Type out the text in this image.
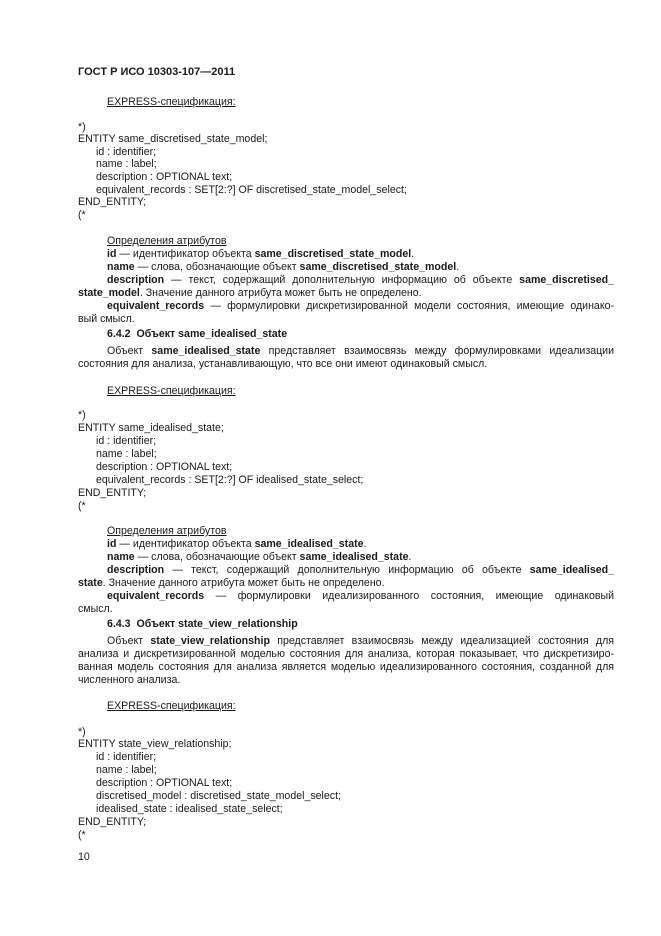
ГОСТ Р ИСО 10303-107—2011
EXPRESS-спецификация:
*)
ENTITY same_discretised_state_model;
id : identifier;
name : label;
description : OPTIONAL text;
equivalent_records : SET[2:?] OF discretised_state_model_select;
END_ENTITY;
(*
Определения атрибутов
id — идентификатор объекта same_discretised_state_model.
name — слова, обозначающие объект same_discretised_state_model.
description — текст, содержащий дополнительную информацию об объекте same_discretised_
state_model. Значение данного атрибута может быть не определено.
equivalent_records — формулировки дискретизированной модели состояния, имеющие одинако-
вый смысл.
6.4.2 Объект same_idealised_state
Объект same_idealised_state представляет взаимосвязь между формулировками идеализации
состояния для анализа, устанавливающую, что все они имеют одинаковый смысл.
EXPRESS-спецификация:
*)
ENTITY same_idealised_state;
id : identifier;
name : label;
description : OPTIONAL text;
equivalent_records : SET[2:?] OF idealised_state_select;
END_ENTITY;
(*
Определения атрибутов
id — идентификатор объекта same_idealised_state.
name — слова, обозначающие объект same_idealised_state.
description — текст, содержащий дополнительную информацию об объекте same_idealised_
state. Значение данного атрибута может быть не определено.
equivalent_records — формулировки идеализированного состояния, имеющие одинаковый
смысл.
6.4.3 Объект state_view_relationship
Объект state_view_relationship представляет взаимосвязь между идеализацией состояния для
анализа и дискретизированной моделью состояния для анализа, которая показывает, что дискретизиро-
ванная модель состояния для анализа является моделью идеализированного состояния, созданной для
численного анализа.
EXPRESS-спецификация:
*)
ENTITY state_view_relationship;
id : identifier;
name : label;
description : OPTIONAL text;
discretised_model : discretised_state_model_select;
idealised_state : idealised_state_select;
END_ENTITY;
(*
10
